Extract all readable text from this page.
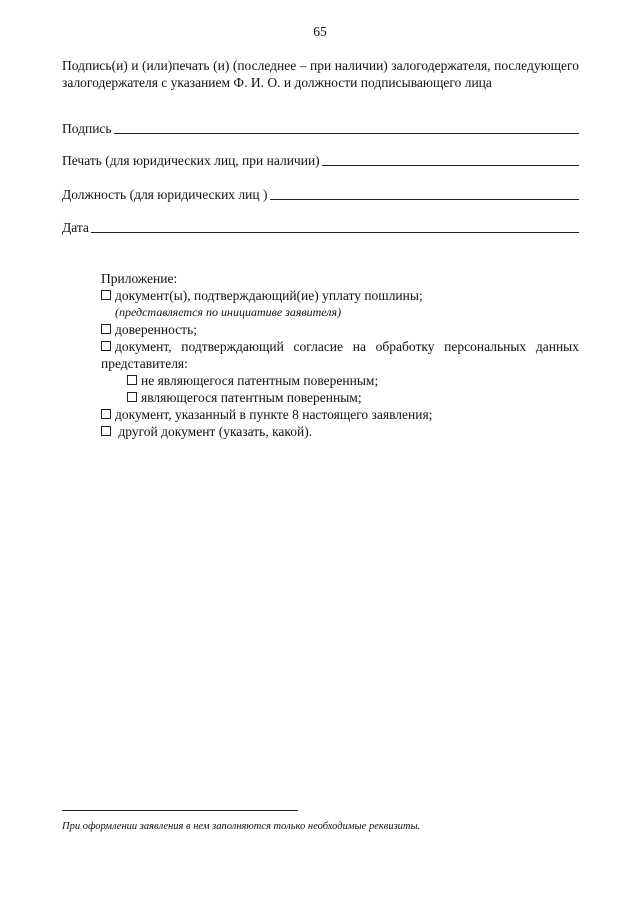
65
Подпись(и) и (или)печать (и) (последнее – при наличии) залогодержателя, последующего залогодержателя с указанием Ф. И. О. и должности подписывающего лица
Подпись
Печать (для юридических лиц, при наличии)
Должность (для юридических лиц )
Дата
Приложение:
документ(ы), подтверждающий(ие) уплату пошлины;
(представляется по инициативе заявителя)
доверенность;
документ, подтверждающий согласие на обработку персональных данных представителя:
не являющегося патентным поверенным;
являющегося патентным поверенным;
документ, указанный в пункте 8 настоящего заявления;
другой документ (указать, какой).
При оформлении заявления в нем заполняются только необходимые реквизиты.
